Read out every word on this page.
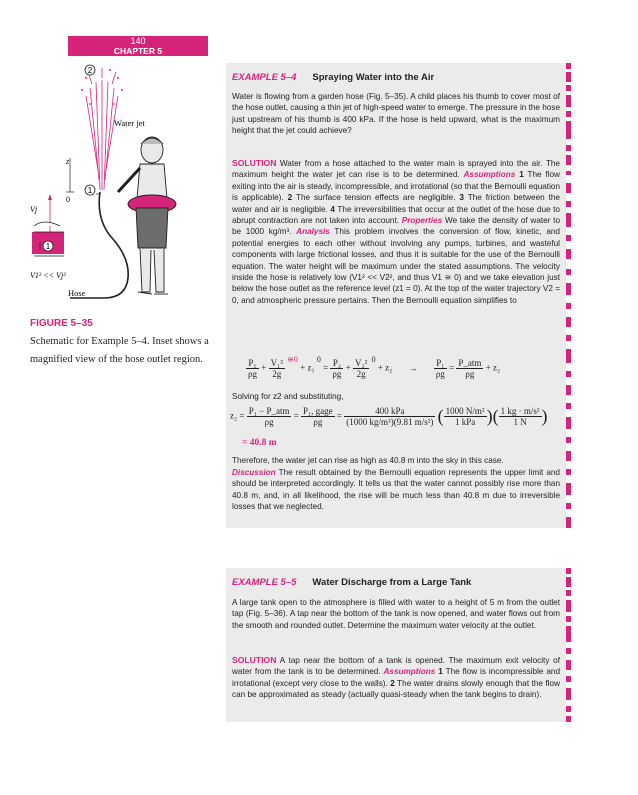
140
CHAPTER 5
2
Water jet
Hose
z
0
1
Vj
1
V1² << Vj²
FIGURE 5–35
Schematic for Example 5–4. Inset shows a magnified view of the hose outlet region.
EXAMPLE 5–4 Spraying Water into the Air
Water is flowing from a garden hose (Fig. 5–35). A child places his thumb to cover most of the hose outlet, causing a thin jet of high-speed water to emerge. The pressure in the hose just upstream of his thumb is 400 kPa. If the hose is held upward, what is the maximum height that the jet could achieve?
SOLUTION Water from a hose attached to the water main is sprayed into the air. The maximum height the water jet can rise is to be determined. Assumptions 1 The flow exiting into the air is steady, incompressible, and irrotational (so that the Bernoulli equation is applicable). 2 The surface tension effects are negligible. 3 The friction between the water and air is negligible. 4 The irreversibilities that occur at the outlet of the hose due to abrupt contraction are not taken into account. Properties We take the density of water to be 1000 kg/m³. Analysis This problem involves the conversion of flow, kinetic, and potential energies to each other without involving any pumps, turbines, and wasteful components with large frictional losses, and thus it is suitable for the use of the Bernoulli equation. The water height will be maximum under the stated assumptions. The velocity inside the hose is relatively low (V1² << V2², and thus V1 ≅ 0) and we take elevation just below the hose outlet as the reference level (z1 = 0). At the top of the water trajectory V2 = 0, and atmospheric pressure pertains. Then the Bernoulli equation simplifies to
$\frac{\text{P₁}}{\rho g} + \frac{\text{V₁²}}{2g}$ ≅0 + z₁ $0 = \frac{\text{P₂}}{\rho g} + \frac{\text{V₂²}}{2g} 0 + z_2 \to \frac{\text{P₁}}{\rho g} = \frac{\text{P\_atm}}{\rho g} + z_2$
Solving for z2 and substituting,
$z_2 = \frac{\text{P₁ − P\_atm}}{\rho g} = \frac{\text{P₁, gage}}{\rho g} = \frac{\text{400 kPa}}{\text{(1000 kg/m³)(9.81 m/s²)}}$ ( $\frac{\text{1000 N/m²}}{\text{1 kPa}}$ )( $\frac{\text{1 kg · m/s²}}{1 N}$ )
= 40.8 m
Therefore, the water jet can rise as high as 40.8 m into the sky in this case.
Discussion The result obtained by the Bernoulli equation represents the upper limit and should be interpreted accordingly. It tells us that the water cannot possibly rise more than 40.8 m, and, in all likelihood, the rise will be much less than 40.8 m due to irreversible losses that we neglected.
EXAMPLE 5–5 Water Discharge from a Large Tank
A large tank open to the atmosphere is filled with water to a height of 5 m from the outlet tap (Fig. 5–36). A tap near the bottom of the tank is now opened, and water flows out from the smooth and rounded outlet. Determine the maximum water velocity at the outlet.
SOLUTION A tap near the bottom of a tank is opened. The maximum exit velocity of water from the tank is to be determined. Assumptions 1 The flow is incompressible and irrotational (except very close to the walls). 2 The water drains slowly enough that the flow can be approximated as steady (actually quasi-steady when the tank begins to drain).
